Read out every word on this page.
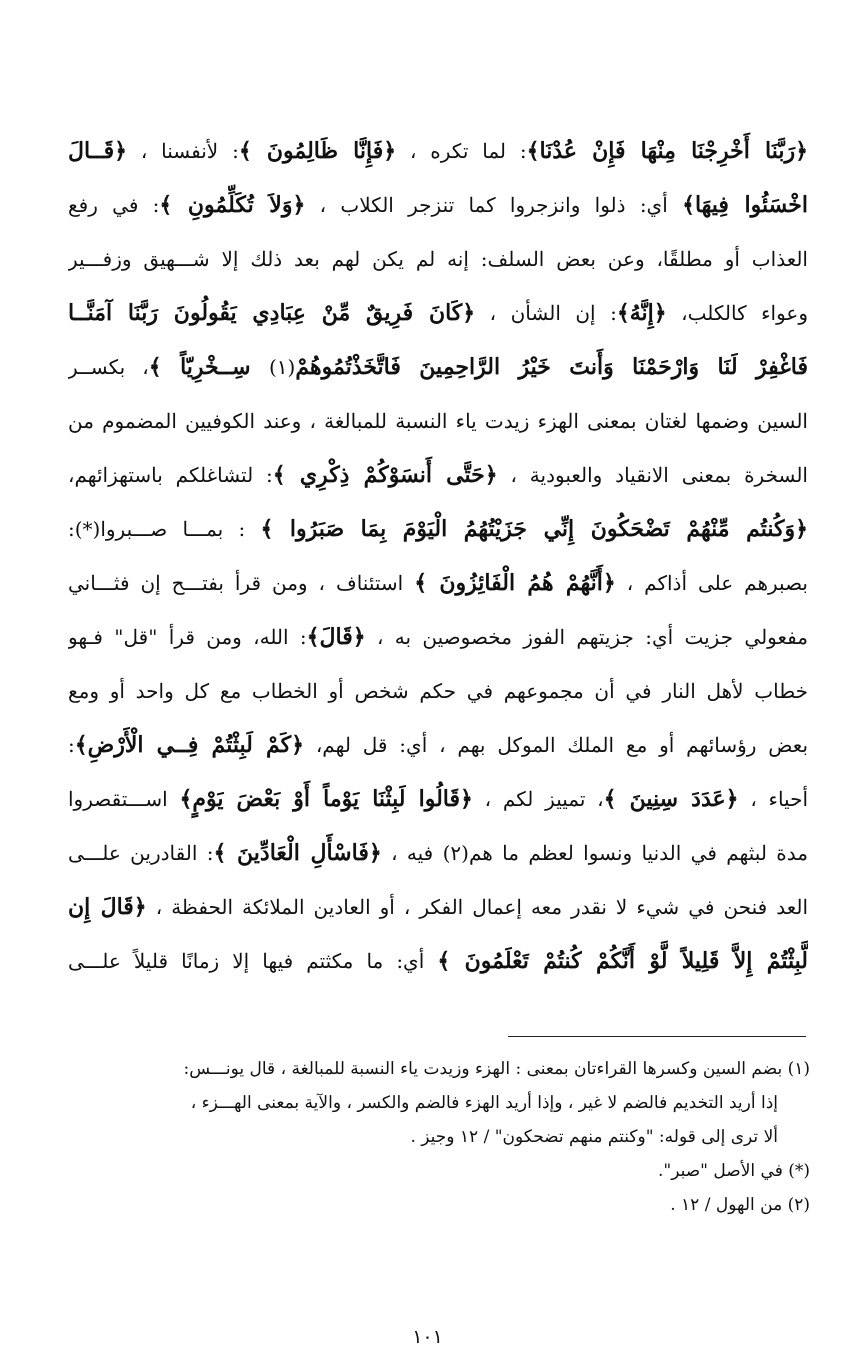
﴿رَبَّنَا أَخْرِجْنَا مِنْهَا فَإِنْ عُدْنَا﴾: لما تكره ، ﴿فَإِنَّا ظَالِمُونَ ﴾: لأنفسنا ، ﴿قَــالَ
اخْسَئُوا فِيهَا﴾ أي: ذلوا وانزجروا كما تنزجر الكلاب ، ﴿وَلاَ تُكَلِّمُونِ ﴾: في رفع
العذاب أو مطلقًا، وعن بعض السلف: إنه لم يكن لهم بعد ذلك إلا شـــهيق وزفـــير
وعواء كالكلب، ﴿إِنَّهُ﴾: إن الشأن ، ﴿كَانَ فَرِيقٌ مِّنْ عِبَادِي يَقُولُونَ رَبَّنَا آمَنَّــا
فَاغْفِرْ لَنَا وَارْحَمْنَا وَأَنتَ خَيْرُ الرَّاحِمِينَ فَاتَّخَذْتُمُوهُمْ(١) سِــخْرِيّاً ﴾، بكســر
السين وضمها لغتان بمعنى الهزء زيدت ياء النسبة للمبالغة ، وعند الكوفيين المضموم من
السخرة بمعنى الانقياد والعبودية ، ﴿حَتَّى أَنسَوْكُمْ ذِكْرِي ﴾: لتشاغلكم باستهزائهم،
﴿وَكُنتُم مِّنْهُمْ تَضْحَكُونَ إِنِّي جَزَيْتُهُمُ الْيَوْمَ بِمَا صَبَرُوا ﴾ : بمـــا صـــبروا(*):
بصبرهم على أذاكم ، ﴿أَنَّهُمْ هُمُ الْفَائِزُونَ ﴾ استئناف ، ومن قرأ بفتـــح إن فثـــاني
مفعولي جزيت أي: جزيتهم الفوز مخصوصين به ، ﴿قَالَ﴾: الله، ومن قرأ "قل" فـهو
خطاب لأهل النار في أن مجموعهم في حكم شخص أو الخطاب مع كل واحد أو ومع
بعض رؤسائهم أو مع الملك الموكل بهم ، أي: قل لهم، ﴿كَمْ لَبِثْتُمْ فِــي الْأَرْضِ﴾:
أحياء ، ﴿عَدَدَ سِنِينَ ﴾، تمييز لكم ، ﴿قَالُوا لَبِثْنَا يَوْماً أَوْ بَعْضَ يَوْمٍ﴾ اســـتقصروا
مدة لبثهم في الدنيا ونسوا لعظم ما هم(٢) فيه ، ﴿فَاسْأَلِ الْعَادِّينَ ﴾: القادرين علـــى
العد فنحن في شيء لا نقدر معه إعمال الفكر ، أو العادين الملائكة الحفظة ، ﴿قَالَ إِن
لَّبِثْتُمْ إِلاَّ قَلِيلاً لَّوْ أَنَّكُمْ كُنتُمْ تَعْلَمُونَ ﴾ أي: ما مكثتم فيها إلا زمانًا قليلاً علـــى
(١) بضم السين وكسرها القراءتان بمعنى : الهزء وزيدت ياء النسبة للمبالغة ، قال يونـــس:
إذا أريد التخديم فالضم لا غير ، وإذا أريد الهزء فالضم والكسر ، والآية بمعنى الهـــزء ،
ألا ترى إلى قوله: "وكنتم منهم تضحكون" / ١٢ وجيز .
(*) في الأصل "صبر".
(٢) من الهول / ١٢ .
١٠١
